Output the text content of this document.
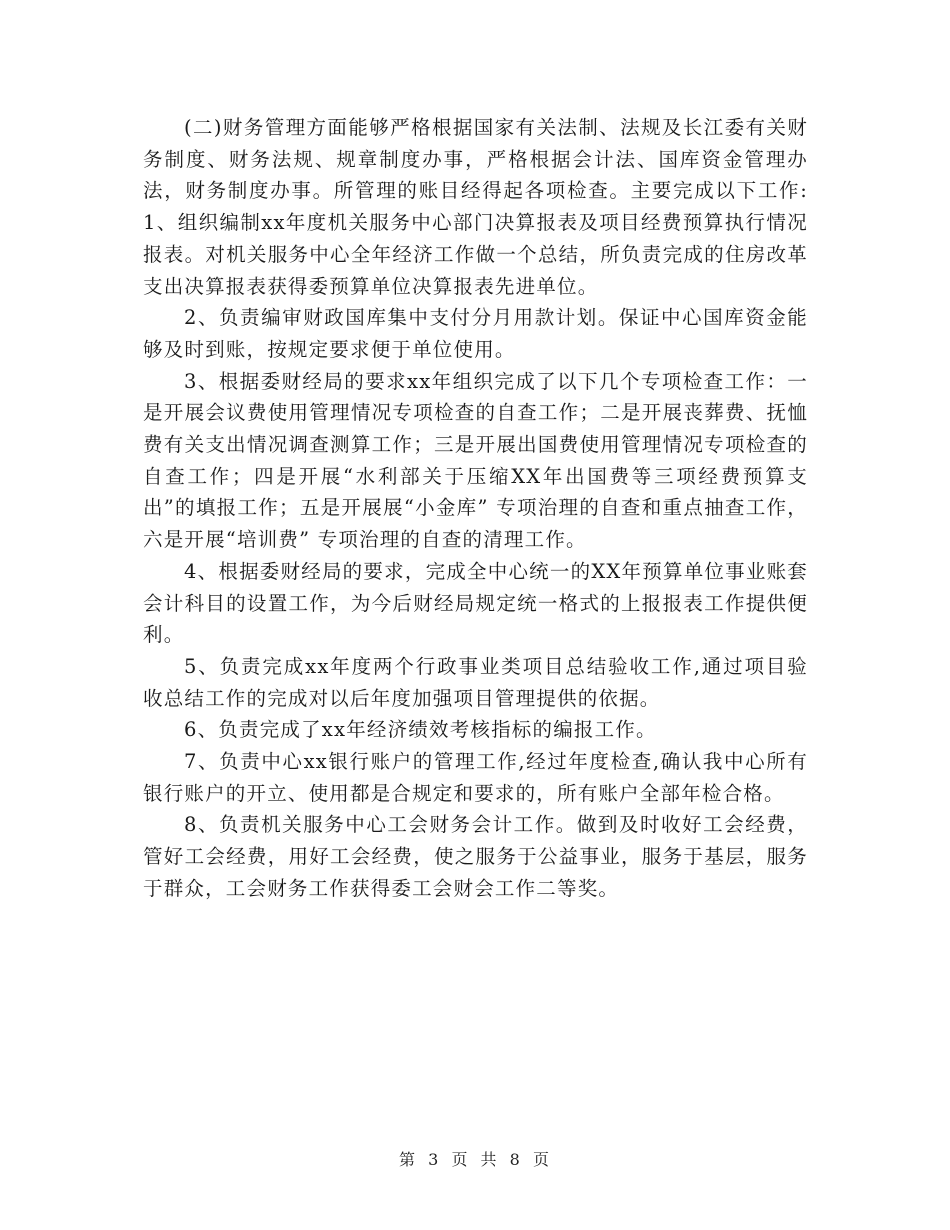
(二)财务管理方面能够严格根据国家有关法制、法规及长江委有关财务制度、财务法规、规章制度办事，严格根据会计法、国库资金管理办法，财务制度办事。所管理的账目经得起各项检查。主要完成以下工作:1、组织编制xx年度机关服务中心部门决算报表及项目经费预算执行情况报表。对机关服务中心全年经济工作做一个总结，所负责完成的住房改革支出决算报表获得委预算单位决算报表先进单位。

2、负责编审财政国库集中支付分月用款计划。保证中心国库资金能够及时到账，按规定要求便于单位使用。

3、根据委财经局的要求xx年组织完成了以下几个专项检查工作：一是开展会议费使用管理情况专项检查的自查工作；二是开展丧葬费、抚恤费有关支出情况调查测算工作；三是开展出国费使用管理情况专项检查的自查工作；四是开展“水利部关于压缩XX年出国费等三项经费预算支出”的填报工作；五是开展展“小金库” 专项治理的自查和重点抽查工作，六是开展“培训费” 专项治理的自查的清理工作。

4、根据委财经局的要求，完成全中心统一的XX年预算单位事业账套会计科目的设置工作，为今后财经局规定统一格式的上报报表工作提供便利。

5、负责完成xx年度两个行政事业类项目总结验收工作,通过项目验收总结工作的完成对以后年度加强项目管理提供的依据。

6、负责完成了xx年经济绩效考核指标的编报工作。

7、负责中心xx银行账户的管理工作,经过年度检查,确认我中心所有银行账户的开立、使用都是合规定和要求的，所有账户全部年检合格。

8、负责机关服务中心工会财务会计工作。做到及时收好工会经费，管好工会经费，用好工会经费，使之服务于公益事业，服务于基层，服务于群众，工会财务工作获得委工会财会工作二等奖。

第 3 页 共 8 页
